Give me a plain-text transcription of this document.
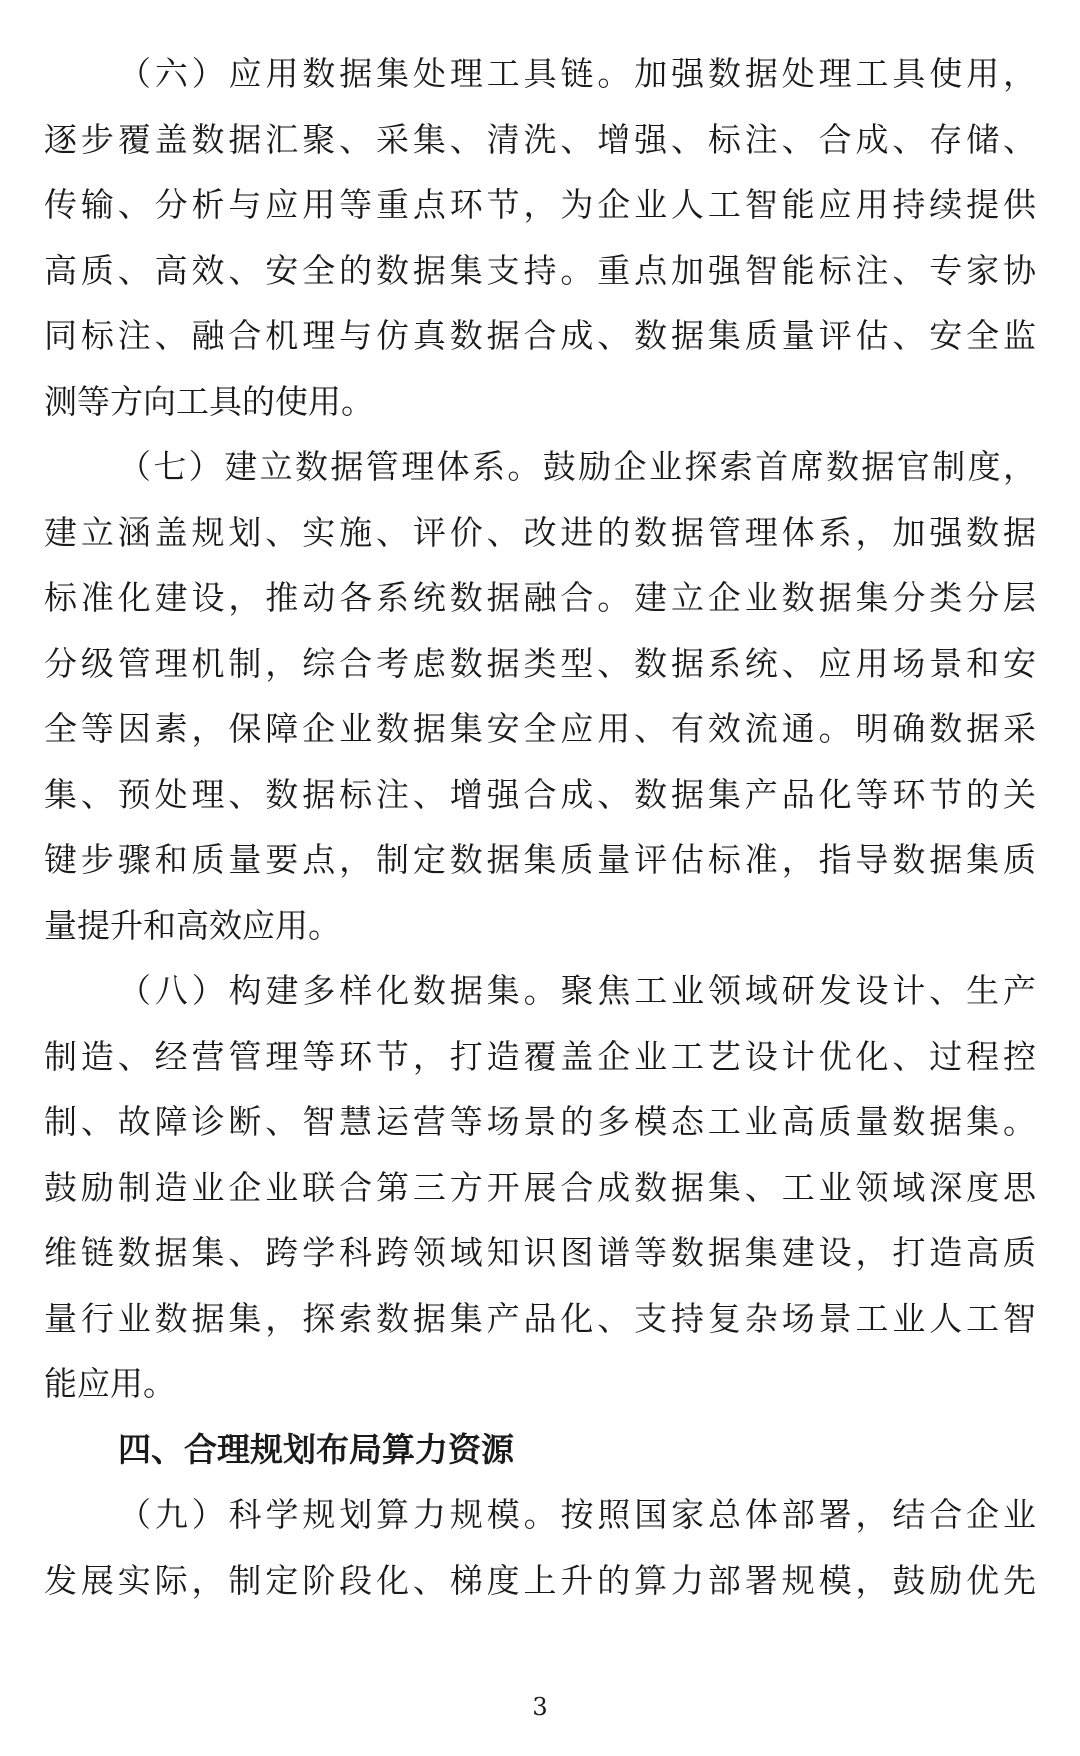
（六）应用数据集处理工具链。加强数据处理工具使用，
逐步覆盖数据汇聚、采集、清洗、增强、标注、合成、存储、
传输、分析与应用等重点环节，为企业人工智能应用持续提供
高质、高效、安全的数据集支持。重点加强智能标注、专家协
同标注、融合机理与仿真数据合成、数据集质量评估、安全监
测等方向工具的使用。
（七）建立数据管理体系。鼓励企业探索首席数据官制度，
建立涵盖规划、实施、评价、改进的数据管理体系，加强数据
标准化建设，推动各系统数据融合。建立企业数据集分类分层
分级管理机制，综合考虑数据类型、数据系统、应用场景和安
全等因素，保障企业数据集安全应用、有效流通。明确数据采
集、预处理、数据标注、增强合成、数据集产品化等环节的关
键步骤和质量要点，制定数据集质量评估标准，指导数据集质
量提升和高效应用。
（八）构建多样化数据集。聚焦工业领域研发设计、生产
制造、经营管理等环节，打造覆盖企业工艺设计优化、过程控
制、故障诊断、智慧运营等场景的多模态工业高质量数据集。
鼓励制造业企业联合第三方开展合成数据集、工业领域深度思
维链数据集、跨学科跨领域知识图谱等数据集建设，打造高质
量行业数据集，探索数据集产品化、支持复杂场景工业人工智
能应用。
四、合理规划布局算力资源
（九）科学规划算力规模。按照国家总体部署，结合企业
发展实际，制定阶段化、梯度上升的算力部署规模，鼓励优先
3
